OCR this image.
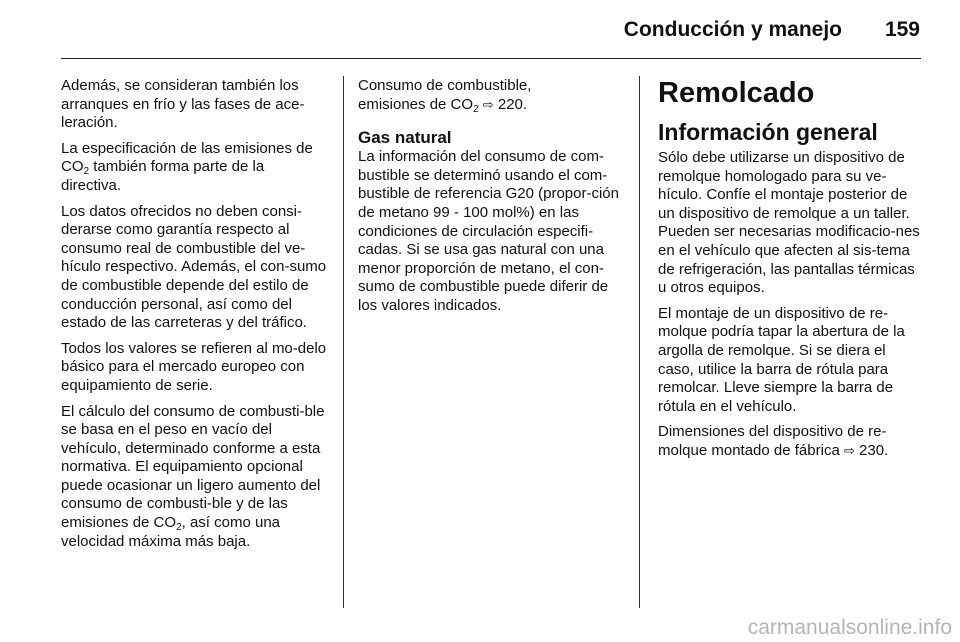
Conducción y manejo 159

Además, se consideran también los arranques en frío y las fases de ace-leración.

La especificación de las emisiones de $CO_2$ también forma parte de la directiva.

Los datos ofrecidos no deben consi-derarse como garantía respecto al consumo real de combustible del ve-hículo respectivo. Además, el con-sumo de combustible depende del estilo de conducción personal, así como del estado de las carreteras y del tráfico.

Todos los valores se refieren al mo-delo básico para el mercado europeo con equipamiento de serie.

El cálculo del consumo de combusti-ble se basa en el peso en vacío del vehículo, determinado conforme a esta normativa. El equipamiento opcional puede ocasionar un ligero aumento del consumo de combusti-ble y de las emisiones de $CO_2$, así como una velocidad máxima más baja.

Consumo de combustible,
emisiones de $CO_2$ ⇨ 220.

Gas natural

La información del consumo de com-bustible se determinó usando el com-bustible de referencia G20 (propor-ción de metano 99 - 100 mol%) en las condiciones de circulación especifi-cadas. Si se usa gas natural con una menor proporción de metano, el con-sumo de combustible puede diferir de los valores indicados.

Remolcado
Información general

Sólo debe utilizarse un dispositivo de remolque homologado para su ve-hículo. Confíe el montaje posterior de un dispositivo de remolque a un taller. Pueden ser necesarias modificacio-nes en el vehículo que afecten al sis-tema de refrigeración, las pantallas térmicas u otros equipos.

El montaje de un dispositivo de re-molque podría tapar la abertura de la argolla de remolque. Si se diera el caso, utilice la barra de rótula para remolcar. Lleve siempre la barra de rótula en el vehículo.

Dimensiones del dispositivo de re-molque montado de fábrica ⇨ 230.

carmanualsonline.info
